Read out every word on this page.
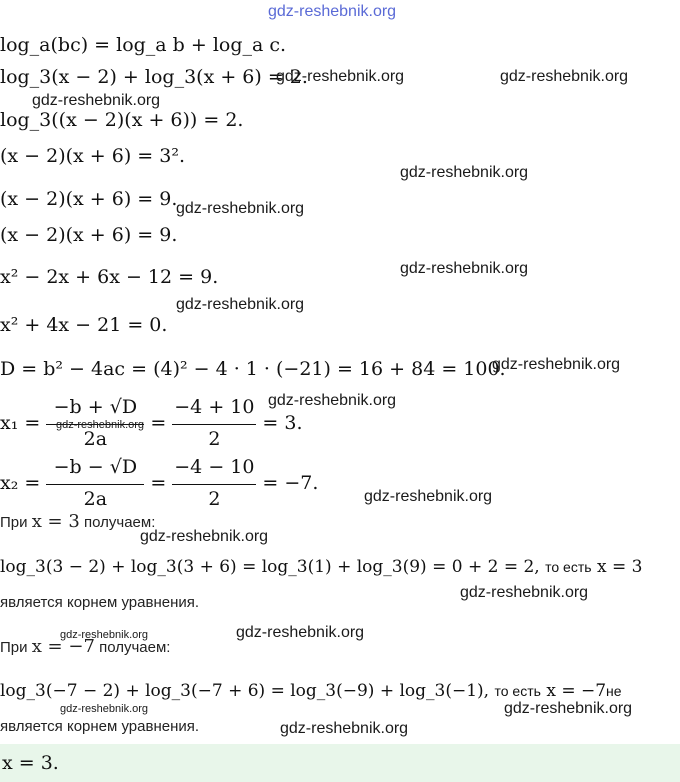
gdz-reshebnik.org
log_a(bc) = log_a b + log_a c.
log_3(x − 2) + log_3(x + 6) = 2.
gdz-reshebnik.org	gdz-reshebnik.org
gdz-reshebnik.org
log_3((x − 2)(x + 6)) = 2.
(x − 2)(x + 6) = 3².
gdz-reshebnik.org
(x − 2)(x + 6) = 9.
gdz-reshebnik.org
(x − 2)(x + 6) = 9.
x² − 2x + 6x − 12 = 9.	gdz-reshebnik.org
gdz-reshebnik.org
x² + 4x − 21 = 0.
D = b² − 4ac = (4)² − 4 · 1 · (−21) = 16 + 84 = 100.
gdz-reshebnik.org
gdz-reshebnik.org
$x_1 = \frac{-b + √D}{2a} = \frac{-4 + 10}{2} = 3$.
gdz-reshebnik.org
$x_2 = \frac{-b - √D}{2a} = \frac{-4 - 10}{2} = -7$.
gdz-reshebnik.org
При x = 3 получаем:
gdz-reshebnik.org
log_3(3 − 2) + log_3(3 + 6) = log_3(1) + log_3(9) = 0 + 2 = 2, то есть x = 3
является корнем уравнения.
gdz-reshebnik.org
gdz-reshebnik.org	gdz-reshebnik.org
При x = −7 получаем:
log_3(−7 − 2) + log_3(−7 + 6) = log_3(−9) + log_3(−1), то есть x = −7не
gdz-reshebnik.org	gdz-reshebnik.org
является корнем уравнения.	gdz-reshebnik.org
x = 3.
